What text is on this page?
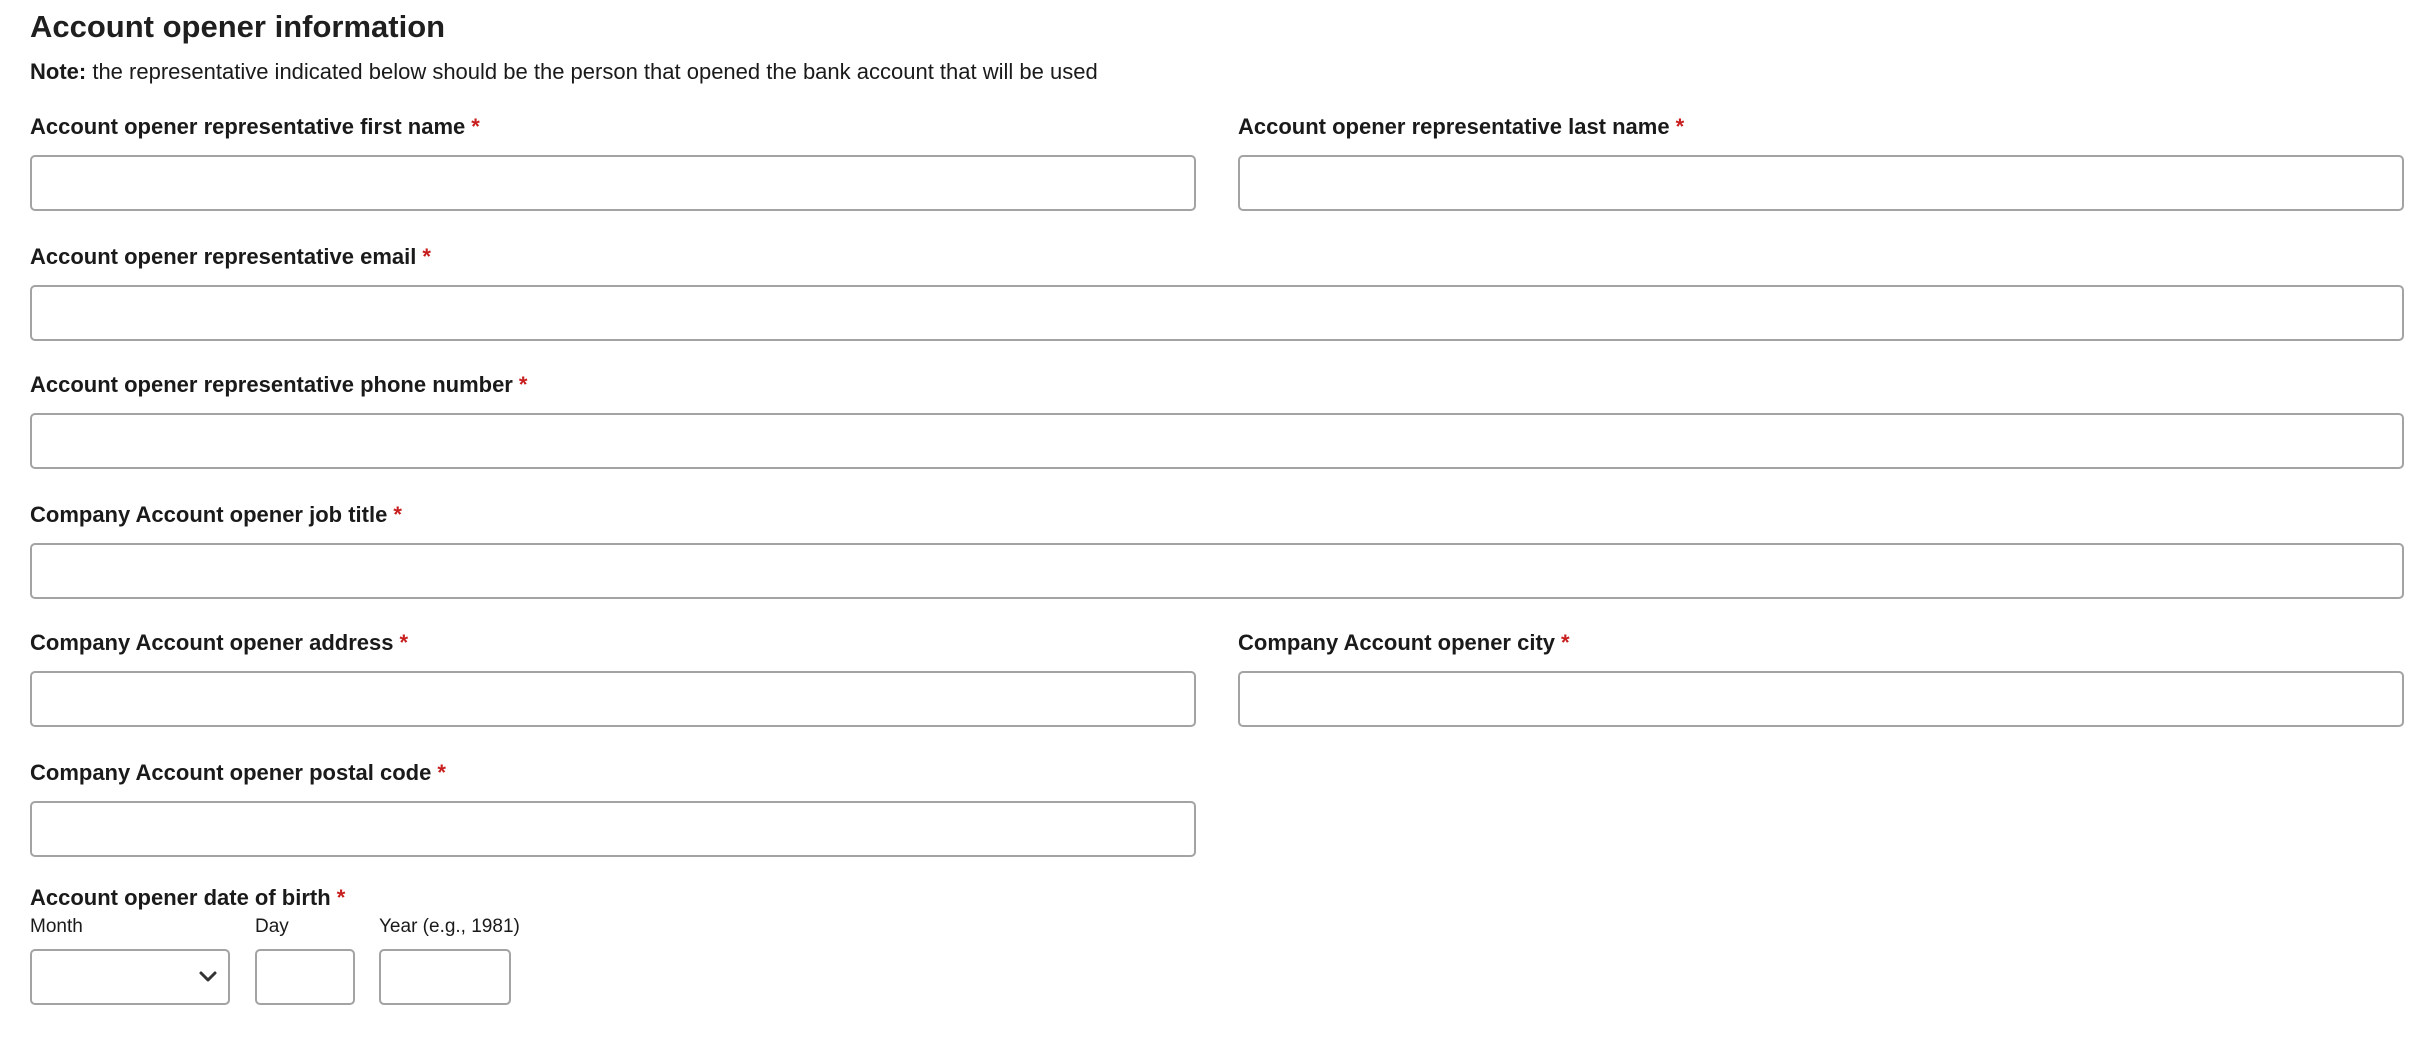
Account opener information
Note: the representative indicated below should be the person that opened the bank account that will be used
Account opener representative first name *	Account opener representative last name *
Account opener representative email *
Account opener representative phone number *
Company Account opener job title *
Company Account opener address *	Company Account opener city *
Company Account opener postal code *
Account opener date of birth *
Month	Day	Year (e.g., 1981)
